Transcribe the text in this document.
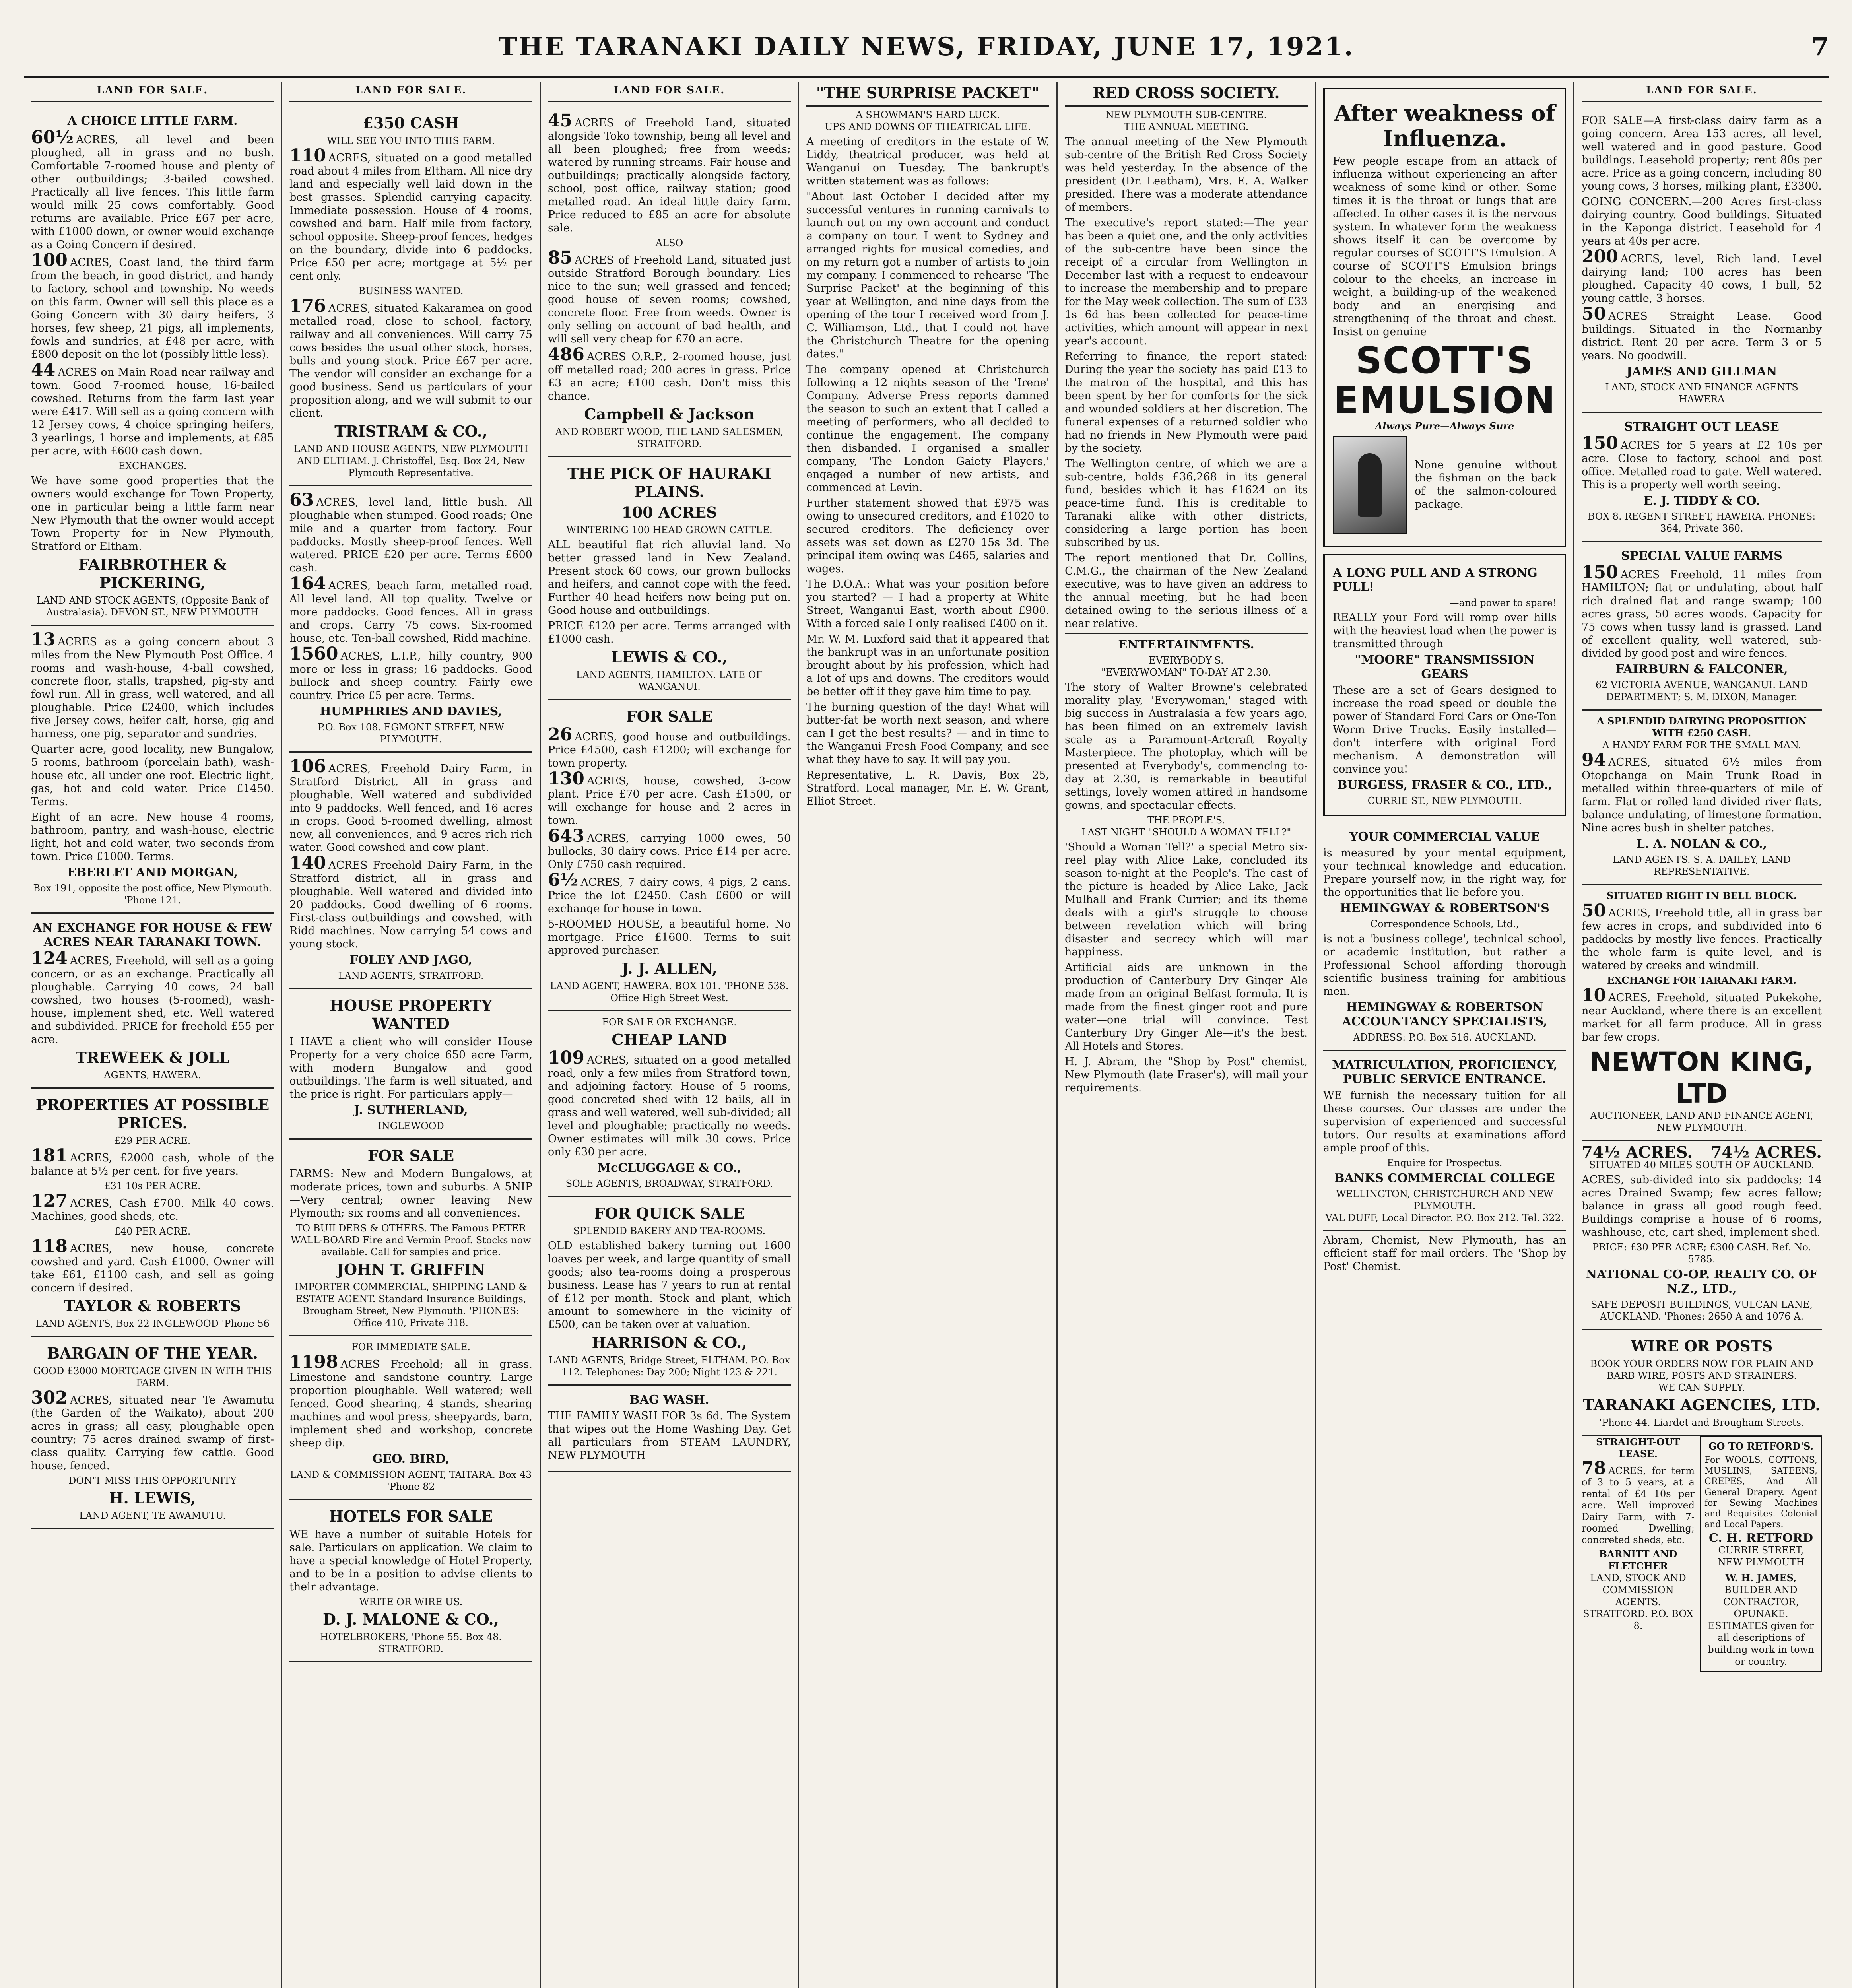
THE TARANAKI DAILY NEWS, FRIDAY, JUNE 17, 1921.	7
LAND FOR SALE.
A CHOICE LITTLE FARM.

60½ ACRES, all level and been ploughed, all in grass and no bush. Comfortable 7-roomed house and plenty of other outbuildings; 3-bailed cowshed. Practically all live fences. This little farm would milk 25 cows comfortably. Good returns are available. Price £67 per acre, with £1000 down, or owner would exchange as a Going Concern if desired.

100 ACRES, Coast land, the third farm from the beach, in good district, and handy to factory, school and township. No weeds on this farm. Owner will sell this place as a Going Concern with 30 dairy heifers, 3 horses, few sheep, 21 pigs, all implements, fowls and sundries, at £48 per acre, with £800 deposit on the lot (possibly little less).

44 ACRES on Main Road near railway and town. Good 7-roomed house, 16-bailed cowshed. Returns from the farm last year were £417. Will sell as a going concern with 12 Jersey cows, 4 choice springing heifers, 3 yearlings, 1 horse and implements, at £85 per acre, with £600 cash down.

EXCHANGES.

We have some good properties that the owners would exchange for Town Property, one in particular being a little farm near New Plymouth that the owner would accept Town Property for in New Plymouth, Stratford or Eltham.

FAIRBROTHER & PICKERING,
LAND AND STOCK AGENTS, (Opposite Bank of Australasia). DEVON ST., NEW PLYMOUTH

13 ACRES as a going concern about 3 miles from the New Plymouth Post Office. 4 rooms and wash-house, 4-ball cowshed, concrete floor, stalls, trapshed, pig-sty and fowl run. All in grass, well watered, and all ploughable. Price £2400, which includes five Jersey cows, heifer calf, horse, gig and harness, one pig, separator and sundries.

Quarter acre, good locality, new Bungalow, 5 rooms, bathroom (porcelain bath), wash-house etc, all under one roof. Electric light, gas, hot and cold water. Price £1450. Terms.

Eight of an acre. New house 4 rooms, bathroom, pantry, and wash-house, electric light, hot and cold water, two seconds from town. Price £1000. Terms.

EBERLET AND MORGAN,
Box 191, opposite the post office, New Plymouth. 'Phone 121.
AN EXCHANGE FOR HOUSE & FEW ACRES NEAR TARANAKI TOWN.

124 ACRES, Freehold, will sell as a going concern, or as an exchange. Practically all ploughable. Carrying 40 cows, 24 ball cowshed, two houses (5-roomed), wash-house, implement shed, etc. Well watered and subdivided. PRICE for freehold £55 per acre.

TREWEEK & JOLL
AGENTS, HAWERA.
PROPERTIES AT POSSIBLE PRICES.
£29 PER ACRE.

181 ACRES, £2000 cash, whole of the balance at 5½ per cent. for five years.

£31 10s PER ACRE.

127 ACRES, Cash £700. Milk 40 cows. Machines, good sheds, etc.

£40 PER ACRE.

118 ACRES, new house, concrete cowshed and yard. Cash £1000. Owner will take £61, £1100 cash, and sell as going concern if desired.

TAYLOR & ROBERTS
LAND AGENTS, Box 22 INGLEWOOD 'Phone 56
BARGAIN OF THE YEAR.
GOOD £3000 MORTGAGE GIVEN IN WITH THIS FARM.

302 ACRES, situated near Te Awamutu (the Garden of the Waikato), about 200 acres in grass; all easy, ploughable open country; 75 acres drained swamp of first-class quality. Carrying few cattle. Good house, fenced.

DON'T MISS THIS OPPORTUNITY
H. LEWIS,
LAND AGENT, TE AWAMUTU.
LAND FOR SALE.
£350 CASH
WILL SEE YOU INTO THIS FARM.

110 ACRES, situated on a good metalled road about 4 miles from Eltham. All nice dry land and especially well laid down in the best grasses. Splendid carrying capacity. Immediate possession. House of 4 rooms, cowshed and barn. Half mile from factory, school opposite. Sheep-proof fences, hedges on the boundary, divide into 6 paddocks. Price £50 per acre; mortgage at 5½ per cent only.

BUSINESS WANTED.

176 ACRES, situated Kakaramea on good metalled road, close to school, factory, railway and all conveniences. Will carry 75 cows besides the usual other stock, horses, bulls and young stock. Price £67 per acre. The vendor will consider an exchange for a good business. Send us particulars of your proposition along, and we will submit to our client.

TRISTRAM & CO.,
LAND AND HOUSE AGENTS, NEW PLYMOUTH AND ELTHAM. J. Christoffel, Esq. Box 24, New Plymouth Representative.

63 ACRES, level land, little bush. All ploughable when stumped. Good roads; One mile and a quarter from factory. Four paddocks. Mostly sheep-proof fences. Well watered. PRICE £20 per acre. Terms £600 cash.

164 ACRES, beach farm, metalled road. All level land. All top quality. Twelve or more paddocks. Good fences. All in grass and crops. Carry 75 cows. Six-roomed house, etc. Ten-ball cowshed, Ridd machine.

1560 ACRES, L.I.P., hilly country, 900 more or less in grass; 16 paddocks. Good bullock and sheep country. Fairly ewe country. Price £5 per acre. Terms.

HUMPHRIES AND DAVIES,
P.O. Box 108. EGMONT STREET, NEW PLYMOUTH.

106 ACRES, Freehold Dairy Farm, in Stratford District. All in grass and ploughable. Well watered and subdivided into 9 paddocks. Well fenced, and 16 acres in crops. Good 5-roomed dwelling, almost new, all conveniences, and 9 acres rich rich water. Good cowshed and cow plant.

140 ACRES Freehold Dairy Farm, in the Stratford district, all in grass and ploughable. Well watered and divided into 20 paddocks. Good dwelling of 6 rooms. First-class outbuildings and cowshed, with Ridd machines. Now carrying 54 cows and young stock.

FOLEY AND JAGO,
LAND AGENTS, STRATFORD.
HOUSE PROPERTY WANTED

I HAVE a client who will consider House Property for a very choice 650 acre Farm, with modern Bungalow and good outbuildings. The farm is well situated, and the price is right. For particulars apply—

J. SUTHERLAND,
INGLEWOOD
FOR SALE

FARMS: New and Modern Bungalows, at moderate prices, town and suburbs. A 5NIP—Very central; owner leaving New Plymouth; six rooms and all conveniences.

TO BUILDERS & OTHERS. The Famous PETER WALL-BOARD Fire and Vermin Proof. Stocks now available. Call for samples and price.
JOHN T. GRIFFIN
IMPORTER COMMERCIAL, SHIPPING LAND & ESTATE AGENT. Standard Insurance Buildings, Brougham Street, New Plymouth. 'PHONES: Office 410, Private 318.
FOR IMMEDIATE SALE.

1198 ACRES Freehold; all in grass. Limestone and sandstone country. Large proportion ploughable. Well watered; well fenced. Good shearing, 4 stands, shearing machines and wool press, sheepyards, barn, implement shed and workshop, concrete sheep dip.

GEO. BIRD,
LAND & COMMISSION AGENT, TAITARA. Box 43 'Phone 82
HOTELS FOR SALE

WE have a number of suitable Hotels for sale. Particulars on application. We claim to have a special knowledge of Hotel Property, and to be in a position to advise clients to their advantage.

WRITE OR WIRE US.
D. J. MALONE & CO.,
HOTELBROKERS, 'Phone 55. Box 48. STRATFORD.
LAND FOR SALE.

45 ACRES of Freehold Land, situated alongside Toko township, being all level and all been ploughed; free from weeds; watered by running streams. Fair house and outbuildings; practically alongside factory, school, post office, railway station; good metalled road. An ideal little dairy farm. Price reduced to £85 an acre for absolute sale.

ALSO

85 ACRES of Freehold Land, situated just outside Stratford Borough boundary. Lies nice to the sun; well grassed and fenced; good house of seven rooms; cowshed, concrete floor. Free from weeds. Owner is only selling on account of bad health, and will sell very cheap for £70 an acre.

486 ACRES O.R.P., 2-roomed house, just off metalled road; 200 acres in grass. Price £3 an acre; £100 cash. Don't miss this chance.

Campbell & Jackson
AND ROBERT WOOD, THE LAND SALESMEN, STRATFORD.
THE PICK OF HAURAKI PLAINS.
100 ACRES
WINTERING 100 HEAD GROWN CATTLE.

ALL beautiful flat rich alluvial land. No better grassed land in New Zealand. Present stock 60 cows, our grown bullocks and heifers, and cannot cope with the feed. Further 40 head heifers now being put on. Good house and outbuildings.

PRICE £120 per acre. Terms arranged with £1000 cash.

LEWIS & CO.,
LAND AGENTS, HAMILTON. LATE OF WANGANUI.
FOR SALE

26 ACRES, good house and outbuildings. Price £4500, cash £1200; will exchange for town property.

130 ACRES, house, cowshed, 3-cow plant. Price £70 per acre. Cash £1500, or will exchange for house and 2 acres in town.

643 ACRES, carrying 1000 ewes, 50 bullocks, 30 dairy cows. Price £14 per acre. Only £750 cash required.

6½ ACRES, 7 dairy cows, 4 pigs, 2 cans. Price the lot £2450. Cash £600 or will exchange for house in town.

5-ROOMED HOUSE, a beautiful home. No mortgage. Price £1600. Terms to suit approved purchaser.

J. J. ALLEN,
LAND AGENT, HAWERA. BOX 101. 'PHONE 538. Office High Street West.
FOR SALE OR EXCHANGE.
CHEAP LAND

109 ACRES, situated on a good metalled road, only a few miles from Stratford town, and adjoining factory. House of 5 rooms, good concreted shed with 12 bails, all in grass and well watered, well sub-divided; all level and ploughable; practically no weeds. Owner estimates will milk 30 cows. Price only £30 per acre.

McCLUGGAGE & CO.,
SOLE AGENTS, BROADWAY, STRATFORD.
FOR QUICK SALE
SPLENDID BAKERY AND TEA-ROOMS.

OLD established bakery turning out 1600 loaves per week, and large quantity of small goods; also tea-rooms doing a prosperous business. Lease has 7 years to run at rental of £12 per month. Stock and plant, which amount to somewhere in the vicinity of £500, can be taken over at valuation.

HARRISON & CO.,
LAND AGENTS, Bridge Street, ELTHAM. P.O. Box 112. Telephones: Day 200; Night 123 & 221.
BAG WASH.

THE FAMILY WASH FOR 3s 6d. The System that wipes out the Home Washing Day. Get all particulars from STEAM LAUNDRY, NEW PLYMOUTH

"THE SURPRISE PACKET"
A SHOWMAN'S HARD LUCK.
UPS AND DOWNS OF THEATRICAL LIFE.

A meeting of creditors in the estate of W. Liddy, theatrical producer, was held at Wanganui on Tuesday. The bankrupt's written statement was as follows:

"About last October I decided after my successful ventures in running carnivals to launch out on my own account and conduct a company on tour. I went to Sydney and arranged rights for musical comedies, and on my return got a number of artists to join my company. I commenced to rehearse 'The Surprise Packet' at the beginning of this year at Wellington, and nine days from the opening of the tour I received word from J. C. Williamson, Ltd., that I could not have the Christchurch Theatre for the opening dates."

The company opened at Christchurch following a 12 nights season of the 'Irene' Company. Adverse Press reports damned the season to such an extent that I called a meeting of performers, who all decided to continue the engagement. The company then disbanded. I organised a smaller company, 'The London Gaiety Players,' engaged a number of new artists, and commenced at Levin.

Further statement showed that £975 was owing to unsecured creditors, and £1020 to secured creditors. The deficiency over assets was set down as £270 15s 3d. The principal item owing was £465, salaries and wages.

The D.O.A.: What was your position before you started? — I had a property at White Street, Wanganui East, worth about £900. With a forced sale I only realised £400 on it.

Mr. W. M. Luxford said that it appeared that the bankrupt was in an unfortunate position brought about by his profession, which had a lot of ups and downs. The creditors would be better off if they gave him time to pay.

The burning question of the day! What will butter-fat be worth next season, and where can I get the best results? — and in time to the Wanganui Fresh Food Company, and see what they have to say. It will pay you.

Representative, L. R. Davis, Box 25, Stratford. Local manager, Mr. E. W. Grant, Elliot Street.

RED CROSS SOCIETY.
NEW PLYMOUTH SUB-CENTRE.
THE ANNUAL MEETING.

The annual meeting of the New Plymouth sub-centre of the British Red Cross Society was held yesterday. In the absence of the president (Dr. Leatham), Mrs. E. A. Walker presided. There was a moderate attendance of members.

The executive's report stated:—The year has been a quiet one, and the only activities of the sub-centre have been since the receipt of a circular from Wellington in December last with a request to endeavour to increase the membership and to prepare for the May week collection. The sum of £33 1s 6d has been collected for peace-time activities, which amount will appear in next year's account.

Referring to finance, the report stated: During the year the society has paid £13 to the matron of the hospital, and this has been spent by her for comforts for the sick and wounded soldiers at her discretion. The funeral expenses of a returned soldier who had no friends in New Plymouth were paid by the society.

The Wellington centre, of which we are a sub-centre, holds £36,268 in its general fund, besides which it has £1624 on its peace-time fund. This is creditable to Taranaki alike with other districts, considering a large portion has been subscribed by us.

The report mentioned that Dr. Collins, C.M.G., the chairman of the New Zealand executive, was to have given an address to the annual meeting, but he had been detained owing to the serious illness of a near relative.

ENTERTAINMENTS.
EVERYBODY'S.
"EVERYWOMAN" TO-DAY AT 2.30.

The story of Walter Browne's celebrated morality play, 'Everywoman,' staged with big success in Australasia a few years ago, has been filmed on an extremely lavish scale as a Paramount-Artcraft Royalty Masterpiece. The photoplay, which will be presented at Everybody's, commencing to-day at 2.30, is remarkable in beautiful settings, lovely women attired in handsome gowns, and spectacular effects.

THE PEOPLE'S.
LAST NIGHT "SHOULD A WOMAN TELL?"

'Should a Woman Tell?' a special Metro six-reel play with Alice Lake, concluded its season to-night at the People's. The cast of the picture is headed by Alice Lake, Jack Mulhall and Frank Currier; and its theme deals with a girl's struggle to choose between revelation which will bring disaster and secrecy which will mar happiness.

Artificial aids are unknown in the production of Canterbury Dry Ginger Ale made from an original Belfast formula. It is made from the finest ginger root and pure water—one trial will convince. Test Canterbury Dry Ginger Ale—it's the best. All Hotels and Stores.

H. J. Abram, the "Shop by Post" chemist, New Plymouth (late Fraser's), will mail your requirements.

After weakness of Influenza.

Few people escape from an attack of influenza without experiencing an after weakness of some kind or other. Some times it is the throat or lungs that are affected. In other cases it is the nervous system. In whatever form the weakness shows itself it can be overcome by regular courses of SCOTT'S Emulsion. A course of SCOTT'S Emulsion brings colour to the cheeks, an increase in weight, a building-up of the weakened body and an energising and strengthening of the throat and chest. Insist on genuine

SCOTT'S EMULSION
Always Pure—Always Sure

None genuine without the fishman on the back of the salmon-coloured package.

A LONG PULL AND A STRONG PULL!
—and power to spare!

REALLY your Ford will romp over hills with the heaviest load when the power is transmitted through

"MOORE" TRANSMISSION GEARS

These are a set of Gears designed to increase the road speed or double the power of Standard Ford Cars or One-Ton Worm Drive Trucks. Easily installed—don't interfere with original Ford mechanism. A demonstration will convince you!

BURGESS, FRASER & CO., LTD.,
CURRIE ST., NEW PLYMOUTH.
YOUR COMMERCIAL VALUE

is measured by your mental equipment, your technical knowledge and education. Prepare yourself now, in the right way, for the opportunities that lie before you.

HEMINGWAY & ROBERTSON'S
Correspondence Schools, Ltd.,

is not a 'business college', technical school, or academic institution, but rather a Professional School affording thorough scientific business training for ambitious men.

HEMINGWAY & ROBERTSON ACCOUNTANCY SPECIALISTS,
ADDRESS: P.O. Box 516. AUCKLAND.
MATRICULATION, PROFICIENCY, PUBLIC SERVICE ENTRANCE.

WE furnish the necessary tuition for all these courses. Our classes are under the supervision of experienced and successful tutors. Our results at examinations afford ample proof of this.

Enquire for Prospectus.
BANKS COMMERCIAL COLLEGE
WELLINGTON, CHRISTCHURCH AND NEW PLYMOUTH.
VAL DUFF, Local Director. P.O. Box 212. Tel. 322.

Abram, Chemist, New Plymouth, has an efficient staff for mail orders. The 'Shop by Post' Chemist.

LAND FOR SALE.

FOR SALE—A first-class dairy farm as a going concern. Area 153 acres, all level, well watered and in good pasture. Good buildings. Leasehold property; rent 80s per acre. Price as a going concern, including 80 young cows, 3 horses, milking plant, £3300.

GOING CONCERN.—200 Acres first-class dairying country. Good buildings. Situated in the Kaponga district. Leasehold for 4 years at 40s per acre.

200 ACRES, level, Rich land. Level dairying land; 100 acres has been ploughed. Capacity 40 cows, 1 bull, 52 young cattle, 3 horses.

50 ACRES Straight Lease. Good buildings. Situated in the Normanby district. Rent 20 per acre. Term 3 or 5 years. No goodwill.

JAMES AND GILLMAN
LAND, STOCK AND FINANCE AGENTS HAWERA
STRAIGHT OUT LEASE

150 ACRES for 5 years at £2 10s per acre. Close to factory, school and post office. Metalled road to gate. Well watered. This is a property well worth seeing.

E. J. TIDDY & CO.
BOX 8. REGENT STREET, HAWERA. PHONES: 364, Private 360.
SPECIAL VALUE FARMS

150 ACRES Freehold, 11 miles from HAMILTON; flat or undulating, about half rich drained flat and range swamp; 100 acres grass, 50 acres woods. Capacity for 75 cows when tussy land is grassed. Land of excellent quality, well watered, sub-divided by good post and wire fences.

FAIRBURN & FALCONER,
62 VICTORIA AVENUE, WANGANUI. LAND DEPARTMENT; S. M. DIXON, Manager.
A SPLENDID DAIRYING PROPOSITION WITH £250 CASH.
A HANDY FARM FOR THE SMALL MAN.

94 ACRES, situated 6½ miles from Otopchanga on Main Trunk Road in metalled within three-quarters of mile of farm. Flat or rolled land divided river flats, balance undulating, of limestone formation. Nine acres bush in shelter patches.

L. A. NOLAN & CO.,
LAND AGENTS. S. A. DAILEY, LAND REPRESENTATIVE.
SITUATED RIGHT IN BELL BLOCK.

50 ACRES, Freehold title, all in grass bar few acres in crops, and subdivided into 6 paddocks by mostly live fences. Practically the whole farm is quite level, and is watered by creeks and windmill.

EXCHANGE FOR TARANAKI FARM.

10 ACRES, Freehold, situated Pukekohe, near Auckland, where there is an excellent market for all farm produce. All in grass bar few crops.

NEWTON KING, LTD
AUCTIONEER, LAND AND FINANCE AGENT, NEW PLYMOUTH.
74½ ACRES. 74½ ACRES.
SITUATED 40 MILES SOUTH OF AUCKLAND.

ACRES, sub-divided into six paddocks; 14 acres Drained Swamp; few acres fallow; balance in grass all good rough feed. Buildings comprise a house of 6 rooms, washhouse, etc, cart shed, implement shed.

PRICE: £30 PER ACRE; £300 CASH. Ref. No. 5785.
NATIONAL CO-OP. REALTY CO. OF N.Z., LTD.,
SAFE DEPOSIT BUILDINGS, VULCAN LANE, AUCKLAND. 'Phones: 2650 A and 1076 A.
WIRE OR POSTS
BOOK YOUR ORDERS NOW FOR PLAIN AND BARB WIRE, POSTS AND STRAINERS.
WE CAN SUPPLY.
TARANAKI AGENCIES, LTD.
'Phone 44. Liardet and Brougham Streets.
STRAIGHT-OUT LEASE.

78 ACRES, for term of 3 to 5 years, at a rental of £4 10s per acre. Well improved Dairy Farm, with 7-roomed Dwelling; concreted sheds, etc.

BARNITT AND FLETCHER
LAND, STOCK AND COMMISSION AGENTS. STRATFORD. P.O. BOX 8.
GO TO RETFORD'S.

For WOOLS, COTTONS, MUSLINS, SATEENS, CREPES, And All General Drapery. Agent for Sewing Machines and Requisites. Colonial and Local Papers.

C. H. RETFORD
CURRIE STREET, NEW PLYMOUTH
W. H. JAMES,
BUILDER AND CONTRACTOR, OPUNAKE. ESTIMATES given for all descriptions of building work in town or country.
